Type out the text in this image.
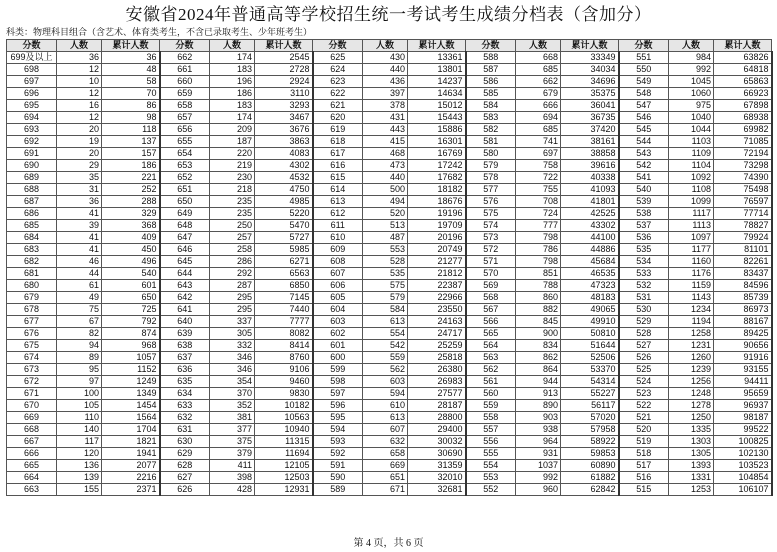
安徽省2024年普通高等学校招生统一考试考生成绩分档表（含加分）
科类：物理科目组合（含艺术、体育类考生，不含已录取考生、少年班考生）
分数	人数	累计人数	分数	人数	累计人数	分数	人数	累计人数	分数	人数	累计人数	分数	人数	累计人数
699及以上	36	36	662	174	2545	625	430	13361	588	668	33349	551	984	63826
698	12	48	661	183	2728	624	440	13801	587	685	34034	550	992	64818
697	10	58	660	196	2924	623	436	14237	586	662	34696	549	1045	65863
696	12	70	659	186	3110	622	397	14634	585	679	35375	548	1060	66923
695	16	86	658	183	3293	621	378	15012	584	666	36041	547	975	67898
694	12	98	657	174	3467	620	431	15443	583	694	36735	546	1040	68938
693	20	118	656	209	3676	619	443	15886	582	685	37420	545	1044	69982
692	19	137	655	187	3863	618	415	16301	581	741	38161	544	1103	71085
691	20	157	654	220	4083	617	468	16769	580	697	38858	543	1109	72194
690	29	186	653	219	4302	616	473	17242	579	758	39616	542	1104	73298
689	35	221	652	230	4532	615	440	17682	578	722	40338	541	1092	74390
688	31	252	651	218	4750	614	500	18182	577	755	41093	540	1108	75498
687	36	288	650	235	4985	613	494	18676	576	708	41801	539	1099	76597
686	41	329	649	235	5220	612	520	19196	575	724	42525	538	1117	77714
685	39	368	648	250	5470	611	513	19709	574	777	43302	537	1113	78827
684	41	409	647	257	5727	610	487	20196	573	798	44100	536	1097	79924
683	41	450	646	258	5985	609	553	20749	572	786	44886	535	1177	81101
682	46	496	645	286	6271	608	528	21277	571	798	45684	534	1160	82261
681	44	540	644	292	6563	607	535	21812	570	851	46535	533	1176	83437
680	61	601	643	287	6850	606	575	22387	569	788	47323	532	1159	84596
679	49	650	642	295	7145	605	579	22966	568	860	48183	531	1143	85739
678	75	725	641	295	7440	604	584	23550	567	882	49065	530	1234	86973
677	67	792	640	337	7777	603	613	24163	566	845	49910	529	1194	88167
676	82	874	639	305	8082	602	554	24717	565	900	50810	528	1258	89425
675	94	968	638	332	8414	601	542	25259	564	834	51644	527	1231	90656
674	89	1057	637	346	8760	600	559	25818	563	862	52506	526	1260	91916
673	95	1152	636	346	9106	599	562	26380	562	864	53370	525	1239	93155
672	97	1249	635	354	9460	598	603	26983	561	944	54314	524	1256	94411
671	100	1349	634	370	9830	597	594	27577	560	913	55227	523	1248	95659
670	105	1454	633	352	10182	596	610	28187	559	890	56117	522	1278	96937
669	110	1564	632	381	10563	595	613	28800	558	903	57020	521	1250	98187
668	140	1704	631	377	10940	594	607	29400	557	938	57958	520	1335	99522
667	117	1821	630	375	11315	593	632	30032	556	964	58922	519	1303	100825
666	120	1941	629	379	11694	592	658	30690	555	931	59853	518	1305	102130
665	136	2077	628	411	12105	591	669	31359	554	1037	60890	517	1393	103523
664	139	2216	627	398	12503	590	651	32010	553	992	61882	516	1331	104854
663	155	2371	626	428	12931	589	671	32681	552	960	62842	515	1253	106107
第 4 页，共 6 页
